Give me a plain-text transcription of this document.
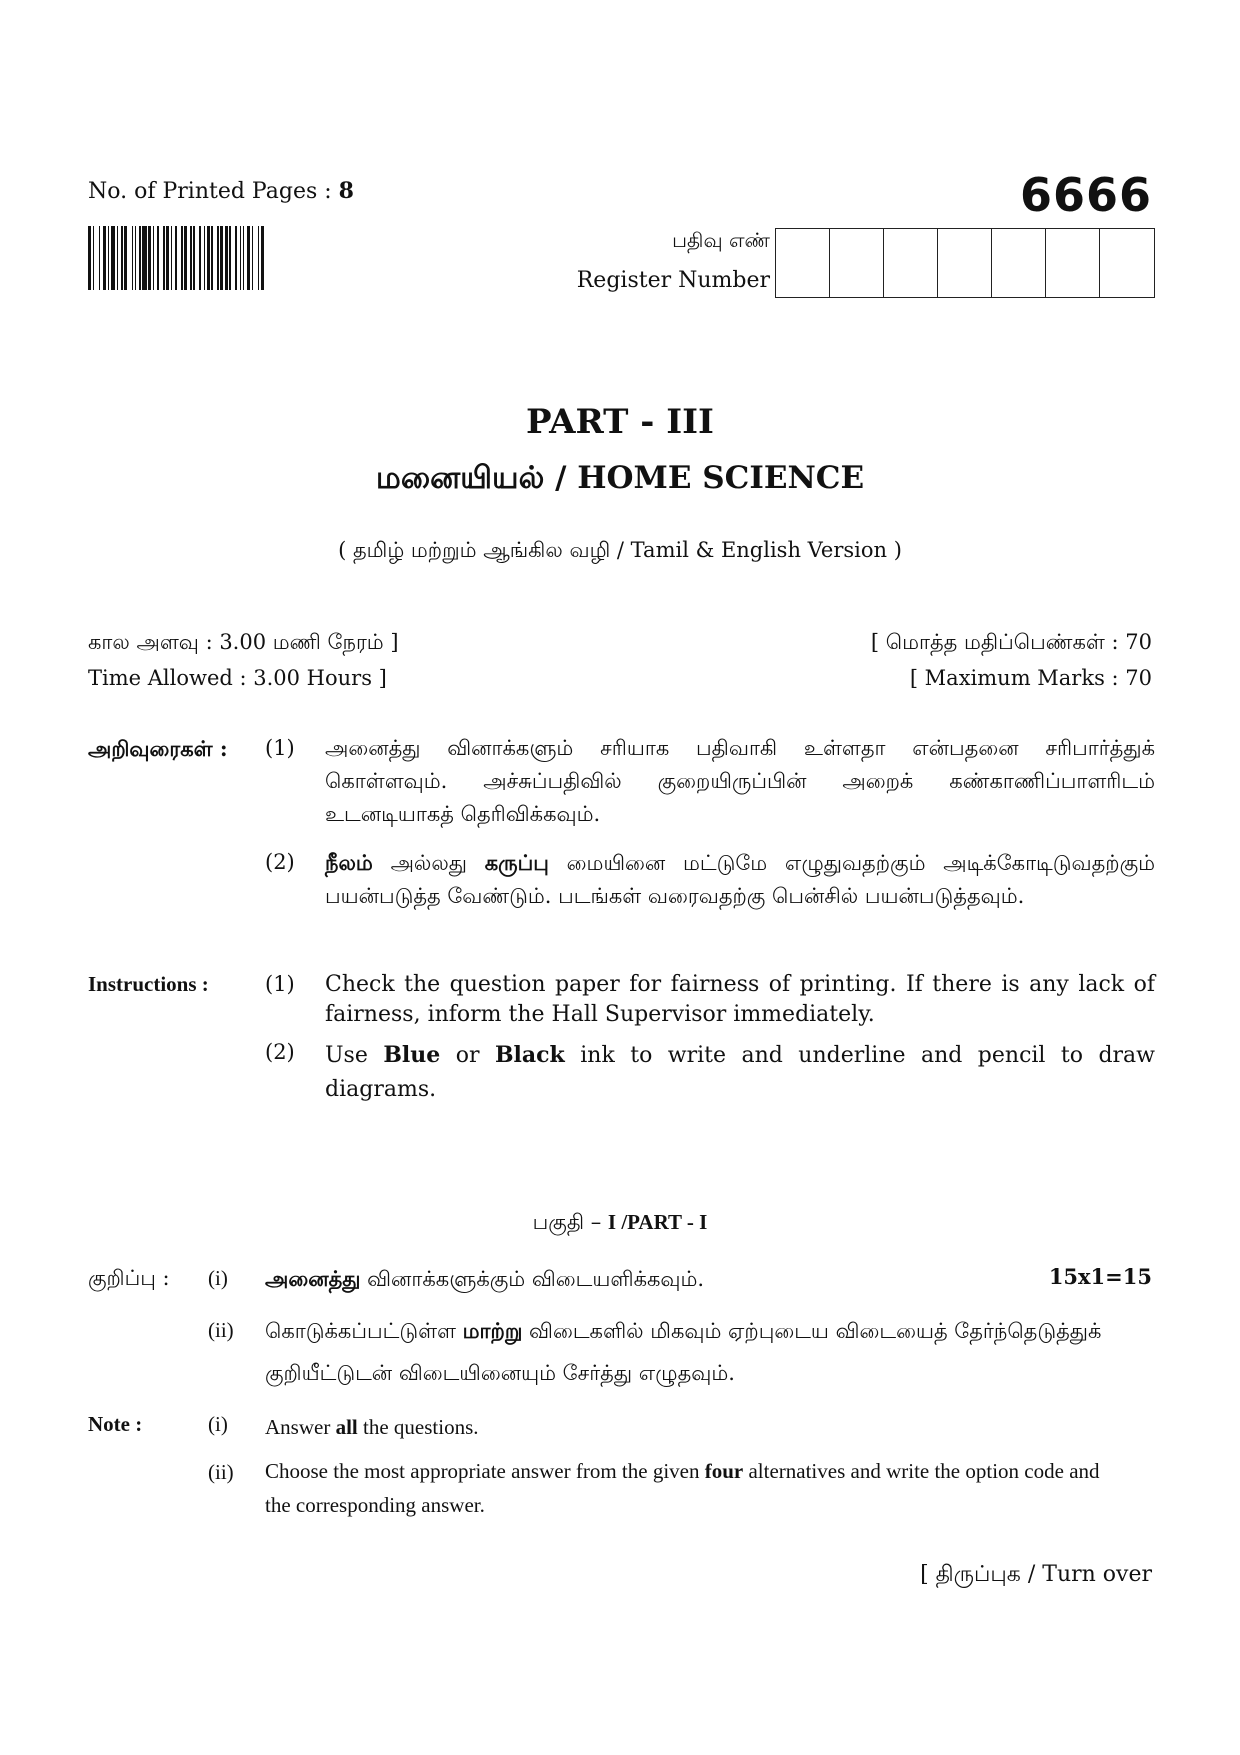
No. of Printed Pages : 8	6666
பதிவு எண்
Register Number
PART - III
மனையியல் / HOME SCIENCE
( தமிழ் மற்றும் ஆங்கில வழி / Tamil & English Version )
கால அளவு : 3.00 மணி நேரம் ]
Time Allowed : 3.00 Hours ]
[ மொத்த மதிப்பெண்கள் : 70
[ Maximum Marks : 70
அறிவுரைகள் : (1) அனைத்து வினாக்களும் சரியாக பதிவாகி உள்ளதா என்பதனை சரிபார்த்துக் கொள்ளவும். அச்சுப்பதிவில் குறையிருப்பின் அறைக் கண்காணிப்பாளரிடம் உடனடியாகத் தெரிவிக்கவும்.
(2) நீலம் அல்லது கருப்பு மையினை மட்டுமே எழுதுவதற்கும் அடிக்கோடிடுவதற்கும் பயன்படுத்த வேண்டும். படங்கள் வரைவதற்கு பென்சில் பயன்படுத்தவும்.
Instructions :	(1) Check the question paper for fairness of printing. If there is any lack of fairness, inform the Hall Supervisor immediately.
(2) Use Blue or Black ink to write and underline and pencil to draw diagrams.
பகுதி – I /PART - I
குறிப்பு : (i) அனைத்து வினாக்களுக்கும் விடையளிக்கவும்.	15x1=15
(ii) கொடுக்கப்பட்டுள்ள மாற்று விடைகளில் மிகவும் ஏற்புடைய விடையைத் தேர்ந்தெடுத்துக் குறியீட்டுடன் விடையினையும் சேர்த்து எழுதவும்.
Note :	(i) Answer all the questions.
(ii) Choose the most appropriate answer from the given four alternatives and write the option code and the corresponding answer.
[ திருப்புக / Turn over
